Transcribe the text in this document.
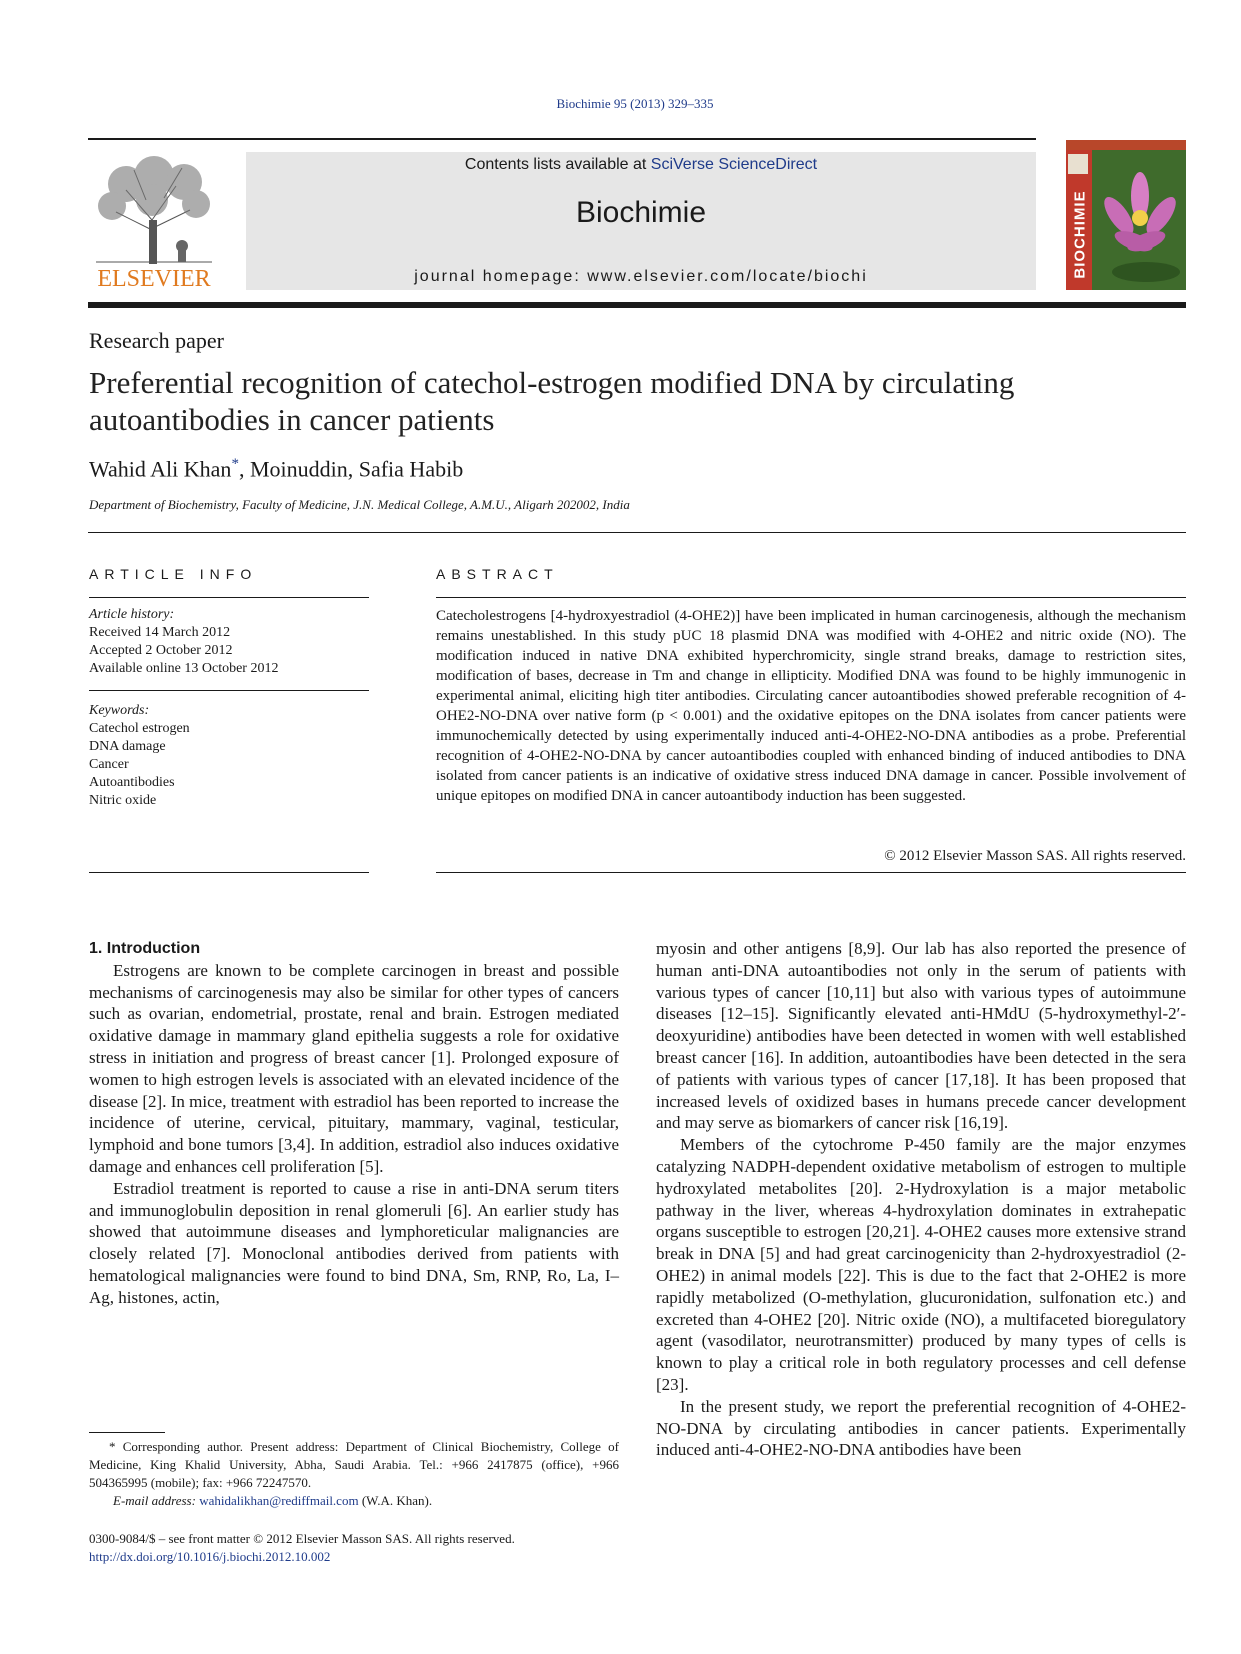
Biochimie 95 (2013) 329–335
ELSEVIER
Contents lists available at SciVerse ScienceDirect
Biochimie
journal homepage: www.elsevier.com/locate/biochi	BIOCHIMIE
Research paper
Preferential recognition of catechol-estrogen modified DNA by circulating autoantibodies in cancer patients
Wahid Ali Khan*, Moinuddin, Safia Habib
Department of Biochemistry, Faculty of Medicine, J.N. Medical College, A.M.U., Aligarh 202002, India
ARTICLE INFO
Article history:
Received 14 March 2012
Accepted 2 October 2012
Available online 13 October 2012
Keywords:
Catechol estrogen
DNA damage
Cancer
Autoantibodies
Nitric oxide
ABSTRACT
Catecholestrogens [4-hydroxyestradiol (4-OHE2)] have been implicated in human carcinogenesis, although the mechanism remains unestablished. In this study pUC 18 plasmid DNA was modified with 4-OHE2 and nitric oxide (NO). The modification induced in native DNA exhibited hyperchromicity, single strand breaks, damage to restriction sites, modification of bases, decrease in Tm and change in ellipticity. Modified DNA was found to be highly immunogenic in experimental animal, eliciting high titer antibodies. Circulating cancer autoantibodies showed preferable recognition of 4-OHE2-NO-DNA over native form (p < 0.001) and the oxidative epitopes on the DNA isolates from cancer patients were immunochemically detected by using experimentally induced anti-4-OHE2-NO-DNA antibodies as a probe. Preferential recognition of 4-OHE2-NO-DNA by cancer autoantibodies coupled with enhanced binding of induced antibodies to DNA isolated from cancer patients is an indicative of oxidative stress induced DNA damage in cancer. Possible involvement of unique epitopes on modified DNA in cancer autoantibody induction has been suggested.
© 2012 Elsevier Masson SAS. All rights reserved.

1. Introduction

Estrogens are known to be complete carcinogen in breast and possible mechanisms of carcinogenesis may also be similar for other types of cancers such as ovarian, endometrial, prostate, renal and brain. Estrogen mediated oxidative damage in mammary gland epithelia suggests a role for oxidative stress in initiation and progress of breast cancer [1]. Prolonged exposure of women to high estrogen levels is associated with an elevated incidence of the disease [2]. In mice, treatment with estradiol has been reported to increase the incidence of uterine, cervical, pituitary, mammary, vaginal, testicular, lymphoid and bone tumors [3,4]. In addition, estradiol also induces oxidative damage and enhances cell proliferation [5].

Estradiol treatment is reported to cause a rise in anti-DNA serum titers and immunoglobulin deposition in renal glomeruli [6]. An earlier study has showed that autoimmune diseases and lymphoreticular malignancies are closely related [7]. Monoclonal antibodies derived from patients with hematological malignancies were found to bind DNA, Sm, RNP, Ro, La, I–Ag, histones, actin,

myosin and other antigens [8,9]. Our lab has also reported the presence of human anti-DNA autoantibodies not only in the serum of patients with various types of cancer [10,11] but also with various types of autoimmune diseases [12–15]. Significantly elevated anti-HMdU (5-hydroxymethyl-2′-deoxyuridine) antibodies have been detected in women with well established breast cancer [16]. In addition, autoantibodies have been detected in the sera of patients with various types of cancer [17,18]. It has been proposed that increased levels of oxidized bases in humans precede cancer development and may serve as biomarkers of cancer risk [16,19].

Members of the cytochrome P-450 family are the major enzymes catalyzing NADPH-dependent oxidative metabolism of estrogen to multiple hydroxylated metabolites [20]. 2-Hydroxylation is a major metabolic pathway in the liver, whereas 4-hydroxylation dominates in extrahepatic organs susceptible to estrogen [20,21]. 4-OHE2 causes more extensive strand break in DNA [5] and had great carcinogenicity than 2-hydroxyestradiol (2-OHE2) in animal models [22]. This is due to the fact that 2-OHE2 is more rapidly metabolized (O-methylation, glucuronidation, sulfonation etc.) and excreted than 4-OHE2 [20]. Nitric oxide (NO), a multifaceted bioregulatory agent (vasodilator, neurotransmitter) produced by many types of cells is known to play a critical role in both regulatory processes and cell defense [23].

In the present study, we report the preferential recognition of 4-OHE2-NO-DNA by circulating antibodies in cancer patients. Experimentally induced anti-4-OHE2-NO-DNA antibodies have been

* Corresponding author. Present address: Department of Clinical Biochemistry, College of Medicine, King Khalid University, Abha, Saudi Arabia. Tel.: +966 2417875 (office), +966 504365995 (mobile); fax: +966 72247570.
E-mail address: wahidalikhan@rediffmail.com (W.A. Khan).
0300-9084/$ – see front matter © 2012 Elsevier Masson SAS. All rights reserved.
http://dx.doi.org/10.1016/j.biochi.2012.10.002
